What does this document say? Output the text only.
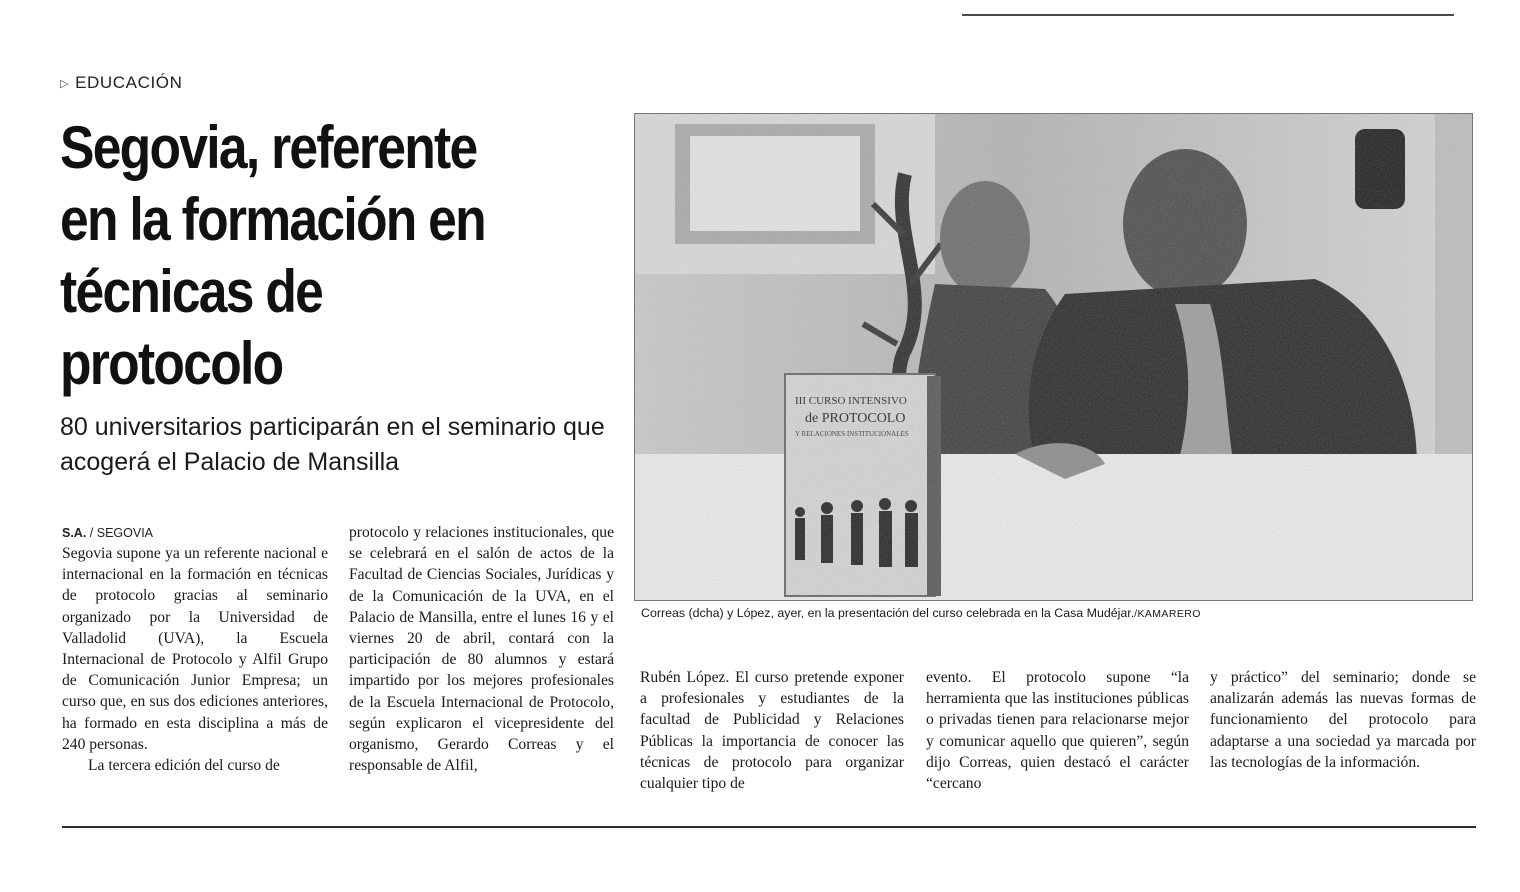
▷ EDUCACIÓN
Segovia, referente en la formación en técnicas de protocolo
80 universitarios participarán en el seminario que acogerá el Palacio de Mansilla
S.A. / SEGOVIA

Segovia supone ya un referente nacional e internacional en la formación en técnicas de protocolo gracias al seminario organizado por la Universidad de Valladolid (UVA), la Escuela Internacional de Protocolo y Alfil Grupo de Comunicación Junior Empresa; un curso que, en sus dos ediciones anteriores, ha formado en esta disciplina a más de 240 personas.
La tercera edición del curso de

protocolo y relaciones institucionales, que se celebrará en el salón de actos de la Facultad de Ciencias Sociales, Jurídicas y de la Comunicación de la UVA, en el Palacio de Mansilla, entre el lunes 16 y el viernes 20 de abril, contará con la participación de 80 alumnos y estará impartido por los mejores profesionales de la Escuela Internacional de Protocolo, según explicaron el vicepresidente del organismo, Gerardo Correas y el responsable de Alfil,

Correas (dcha) y López, ayer, en la presentación del curso celebrada en la Casa Mudéjar./KAMARERO

Rubén López. El curso pretende exponer a profesionales y estudiantes de la facultad de Publicidad y Relaciones Públicas la importancia de conocer las técnicas de protocolo para organizar cualquier tipo de

evento. El protocolo supone “la herramienta que las instituciones públicas o privadas tienen para relacionarse mejor y comunicar aquello que quieren”, según dijo Correas, quien destacó el carácter “cercano

y práctico” del seminario; donde se analizarán además las nuevas formas de funcionamiento del protocolo para adaptarse a una sociedad ya marcada por las tecnologías de la información.
